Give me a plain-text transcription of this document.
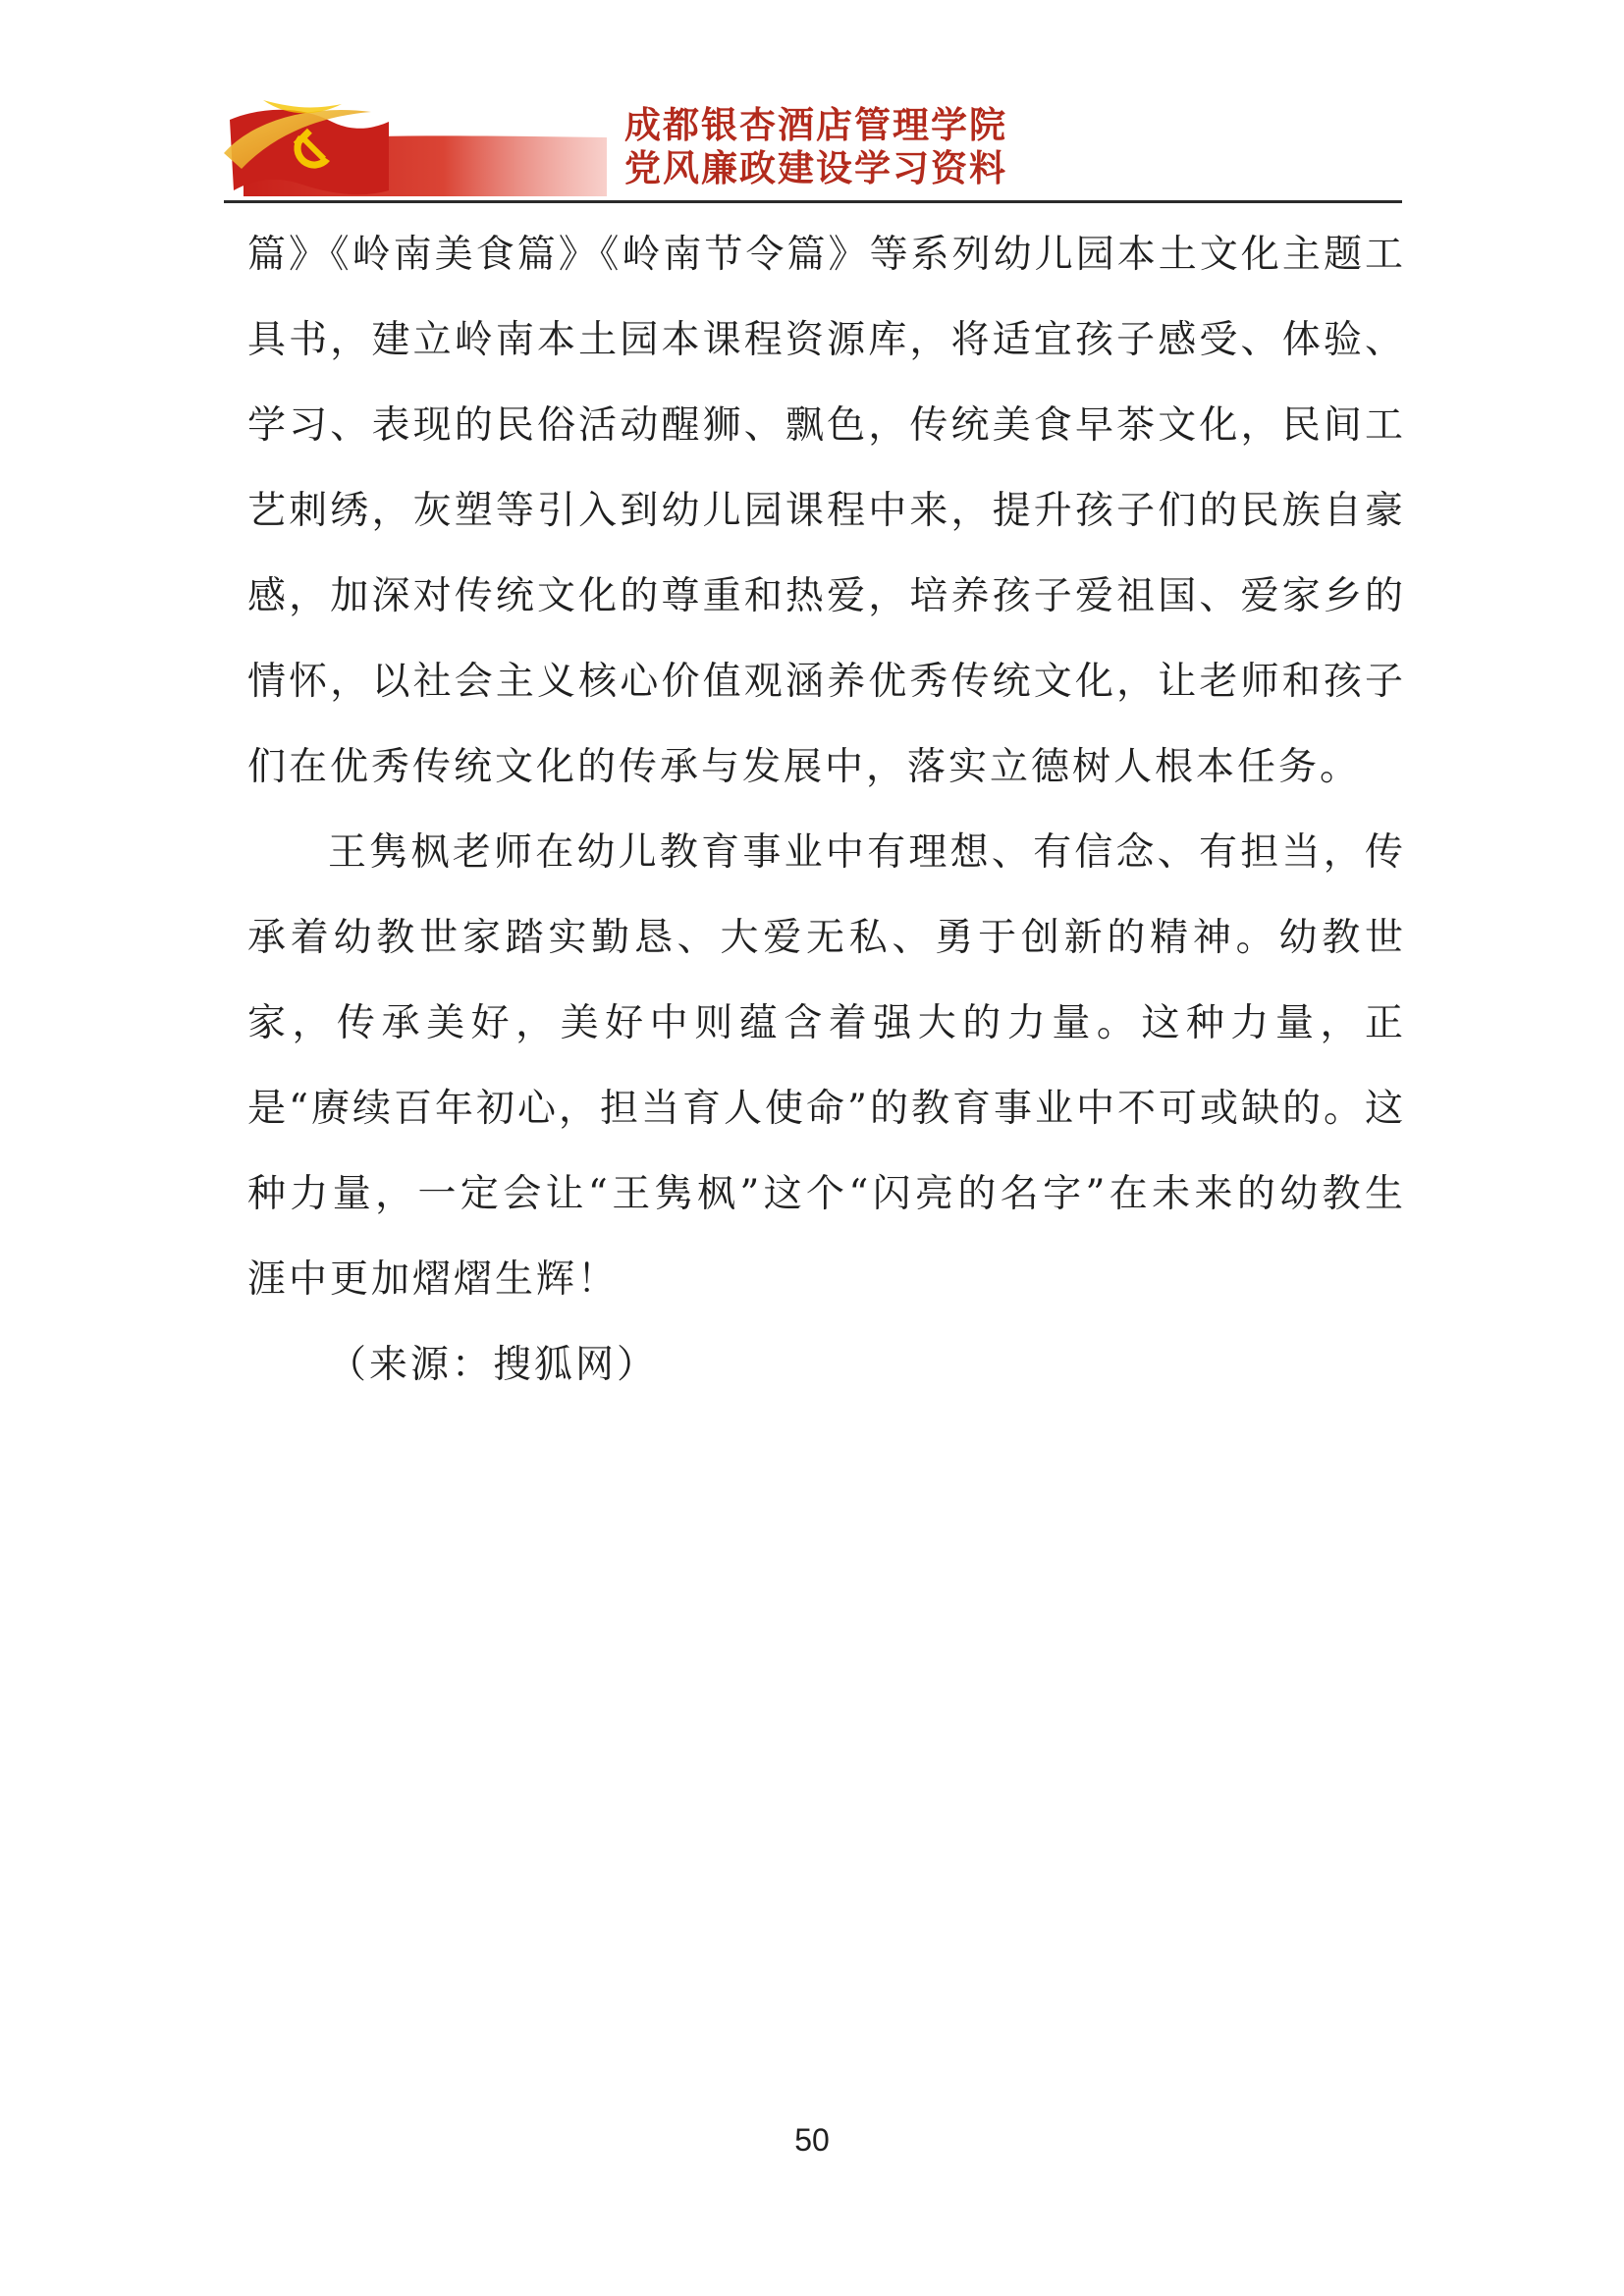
成都银杏酒店管理学院
党风廉政建设学习资料

篇》《岭南美食篇》《岭南节令篇》等系列幼儿园本土文化主题工具书，建立岭南本土园本课程资源库，将适宜孩子感受、体验、学习、表现的民俗活动醒狮、飘色，传统美食早茶文化，民间工艺刺绣，灰塑等引入到幼儿园课程中来，提升孩子们的民族自豪感，加深对传统文化的尊重和热爱，培养孩子爱祖国、爱家乡的情怀，以社会主义核心价值观涵养优秀传统文化，让老师和孩子们在优秀传统文化的传承与发展中，落实立德树人根本任务。

王隽枫老师在幼儿教育事业中有理想、有信念、有担当，传承着幼教世家踏实勤恳、大爱无私、勇于创新的精神。幼教世家，传承美好，美好中则蕴含着强大的力量。这种力量，正是“赓续百年初心，担当育人使命”的教育事业中不可或缺的。这种力量，一定会让“王隽枫”这个“闪亮的名字”在未来的幼教生涯中更加熠熠生辉！

（来源：搜狐网）

50
